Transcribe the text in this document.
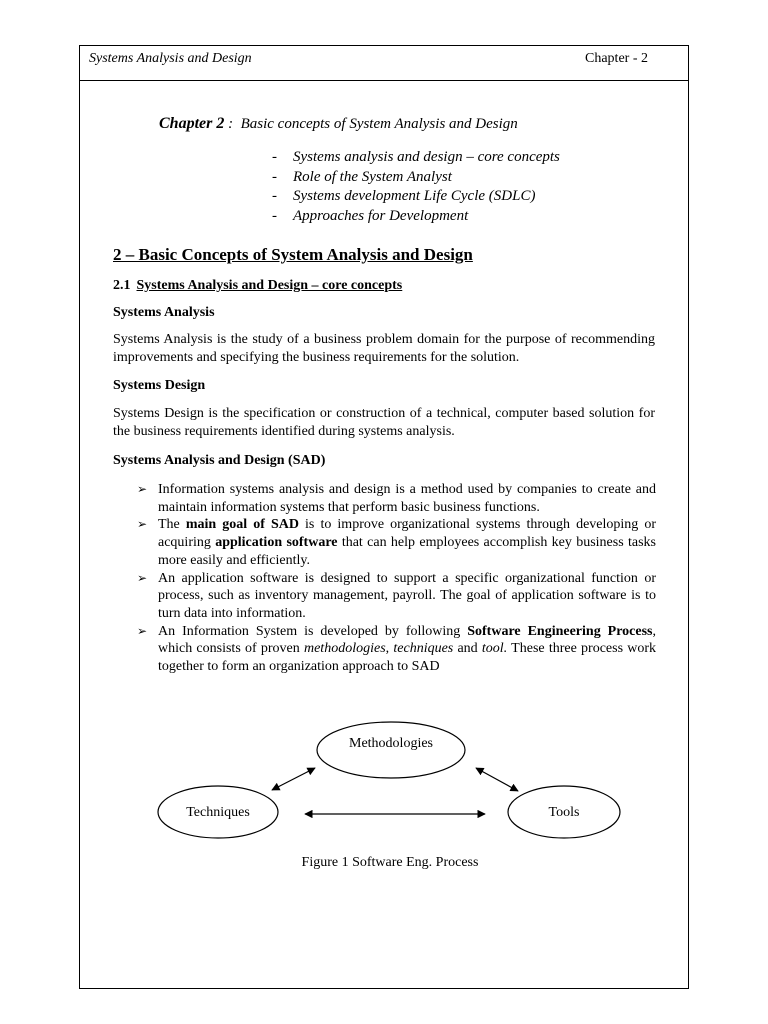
Systems Analysis and Design	Chapter - 2
Chapter 2 : Basic concepts of System Analysis and Design
- Systems analysis and design – core concepts
- Role of the System Analyst
- Systems development Life Cycle (SDLC)
- Approaches for Development
2 – Basic Concepts of System Analysis and Design
2.1 Systems Analysis and Design – core concepts
Systems Analysis

Systems Analysis is the study of a business problem domain for the purpose of recommending improvements and specifying the business requirements for the solution.

Systems Design

Systems Design is the specification or construction of a technical, computer based solution for the business requirements identified during systems analysis.

Systems Analysis and Design (SAD)
➢ Information systems analysis and design is a method used by companies to create and maintain information systems that perform basic business functions.
➢ The main goal of SAD is to improve organizational systems through developing or acquiring application software that can help employees accomplish key business tasks more easily and efficiently.
➢ An application software is designed to support a specific organizational function or process, such as inventory management, payroll. The goal of application software is to turn data into information.
➢ An Information System is developed by following Software Engineering Process, which consists of proven methodologies, techniques and tool. These three process work together to form an organization approach to SAD
Methodologies
Techniques	Tools
Figure 1 Software Eng. Process
